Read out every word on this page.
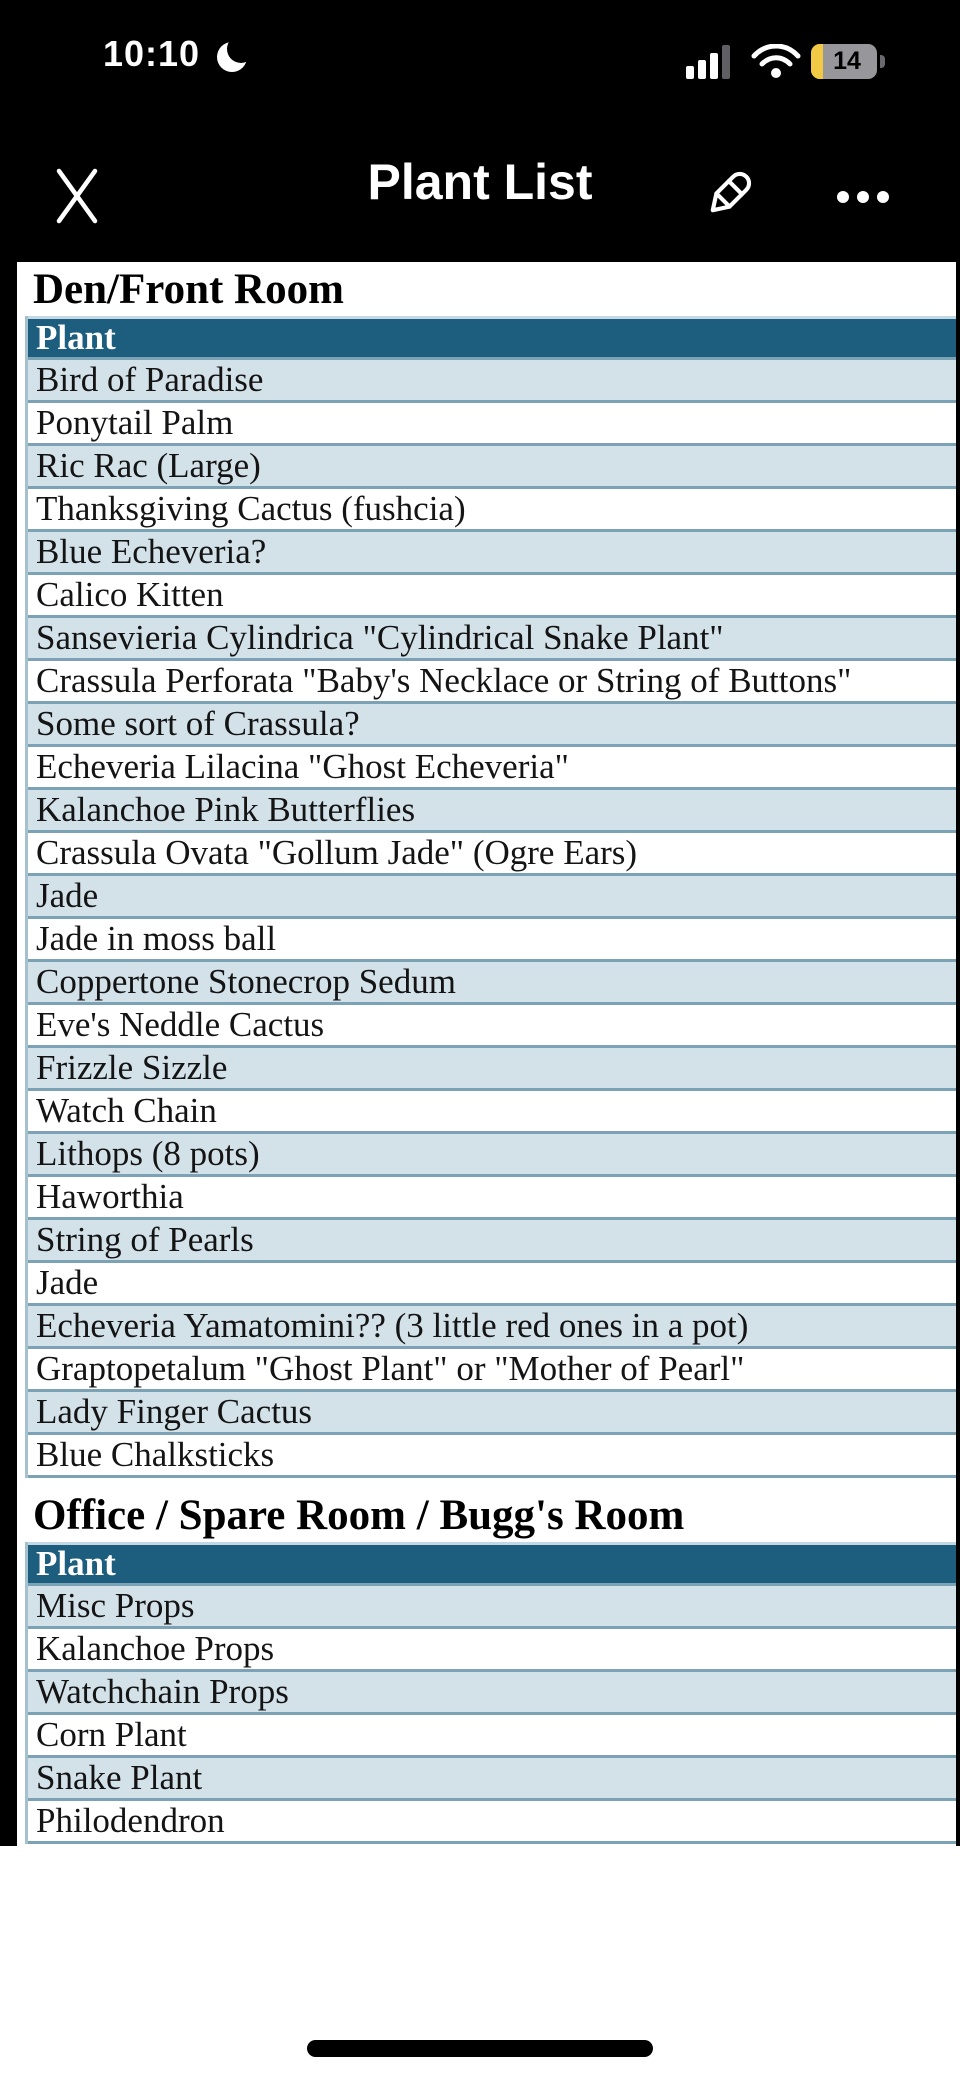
10:10	14
Plant List
Den/Front Room
Plant
Bird of Paradise
Ponytail Palm
Ric Rac (Large)
Thanksgiving Cactus (fushcia)
Blue Echeveria?
Calico Kitten
Sansevieria Cylindrica "Cylindrical Snake Plant"
Crassula Perforata "Baby's Necklace or String of Buttons"
Some sort of Crassula?
Echeveria Lilacina "Ghost Echeveria"
Kalanchoe Pink Butterflies
Crassula Ovata "Gollum Jade" (Ogre Ears)
Jade
Jade in moss ball
Coppertone Stonecrop Sedum
Eve's Neddle Cactus
Frizzle Sizzle
Watch Chain
Lithops (8 pots)
Haworthia
String of Pearls
Jade
Echeveria Yamatomini?? (3 little red ones in a pot)
Graptopetalum "Ghost Plant" or "Mother of Pearl"
Lady Finger Cactus
Blue Chalksticks
Office / Spare Room / Bugg's Room
Plant
Misc Props
Kalanchoe Props
Watchchain Props
Corn Plant
Snake Plant
Philodendron
